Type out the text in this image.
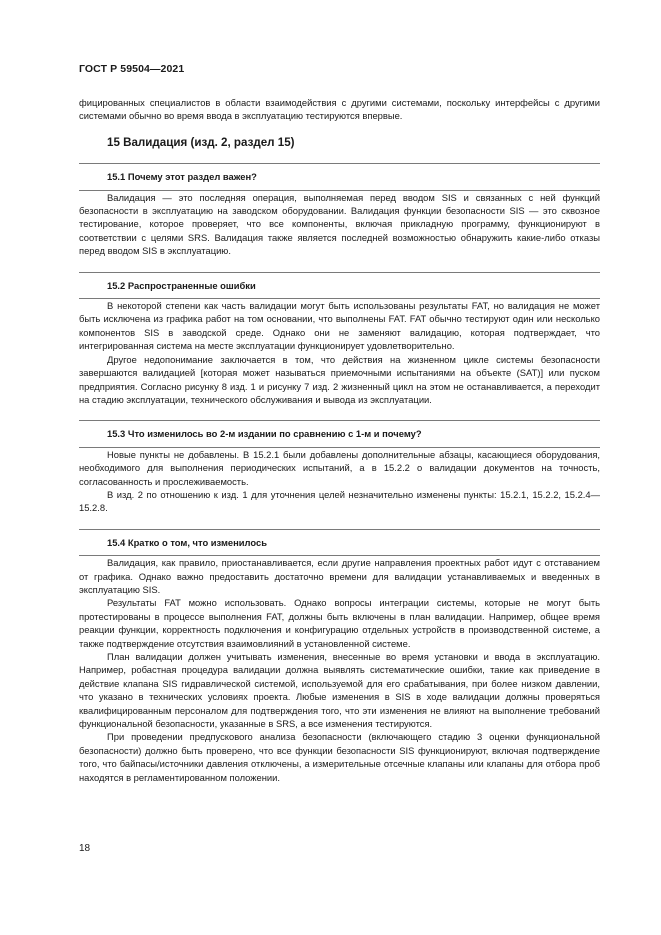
ГОСТ Р 59504—2021

фицированных специалистов в области взаимодействия с другими системами, поскольку интерфейсы с другими системами обычно во время ввода в эксплуатацию тестируются впервые.

15 Валидация (изд. 2, раздел 15)
15.1 Почему этот раздел важен?

Валидация — это последняя операция, выполняемая перед вводом SIS и связанных с ней функций безопасности в эксплуатацию на заводском оборудовании. Валидация функции безопасности SIS — это сквозное тестирование, которое проверяет, что все компоненты, включая прикладную программу, функционируют в соответствии с целями SRS. Валидация также является последней возможностью обнаружить какие-либо отказы перед вводом SIS в эксплуатацию.

15.2 Распространенные ошибки

В некоторой степени как часть валидации могут быть использованы результаты FAT, но валидация не может быть исключена из графика работ на том основании, что выполнены FAT. FAT обычно тестируют один или несколько компонентов SIS в заводской среде. Однако они не заменяют валидацию, которая подтверждает, что интегрированная система на месте эксплуатации функционирует удовлетворительно.

Другое недопонимание заключается в том, что действия на жизненном цикле системы безопасности завершаются валидацией [которая может называться приемочными испытаниями на объекте (SAT)] или пуском предприятия. Согласно рисунку 8 изд. 1 и рисунку 7 изд. 2 жизненный цикл на этом не останавливается, а переходит на стадию эксплуатации, технического обслуживания и вывода из эксплуатации.

15.3 Что изменилось во 2-м издании по сравнению с 1-м и почему?

Новые пункты не добавлены. В 15.2.1 были добавлены дополнительные абзацы, касающиеся оборудования, необходимого для выполнения периодических испытаний, а в 15.2.2 о валидации документов на точность, согласованность и прослеживаемость.

В изд. 2 по отношению к изд. 1 для уточнения целей незначительно изменены пункты: 15.2.1, 15.2.2, 15.2.4—15.2.8.

15.4 Кратко о том, что изменилось

Валидация, как правило, приостанавливается, если другие направления проектных работ идут с отставанием от графика. Однако важно предоставить достаточно времени для валидации устанавливаемых и введенных в эксплуатацию SIS.

Результаты FAT можно использовать. Однако вопросы интеграции системы, которые не могут быть протестированы в процессе выполнения FAT, должны быть включены в план валидации. Например, общее время реакции функции, корректность подключения и конфигурацию отдельных устройств в производственной системе, а также подтверждение отсутствия взаимовлияний в установленной системе.

План валидации должен учитывать изменения, внесенные во время установки и ввода в эксплуатацию. Например, робастная процедура валидации должна выявлять систематические ошибки, такие как приведение в действие клапана SIS гидравлической системой, используемой для его срабатывания, при более низком давлении, что указано в технических условиях проекта. Любые изменения в SIS в ходе валидации должны проверяться квалифицированным персоналом для подтверждения того, что эти изменения не влияют на выполнение требований функциональной безопасности, указанные в SRS, а все изменения тестируются.

При проведении предпускового анализа безопасности (включающего стадию 3 оценки функциональной безопасности) должно быть проверено, что все функции безопасности SIS функционируют, включая подтверждение того, что байпасы/источники давления отключены, а измерительные отсечные клапаны или клапаны для отбора проб находятся в регламентированном положении.

18
